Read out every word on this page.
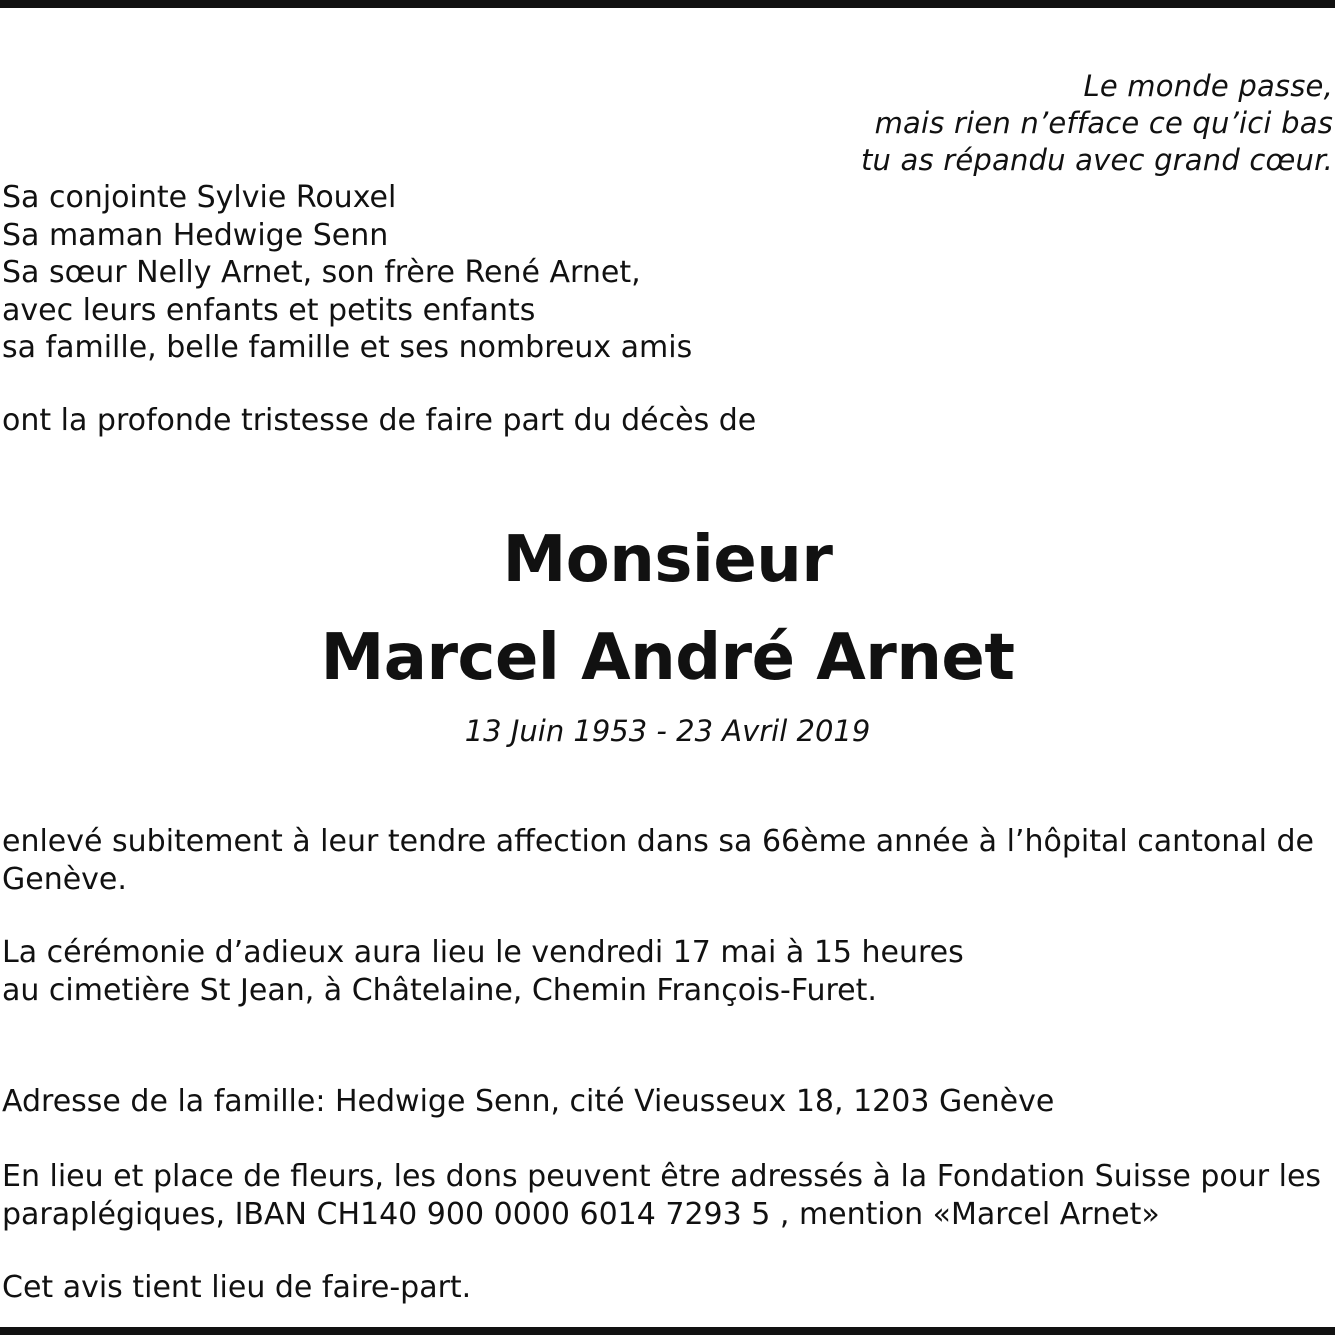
Le monde passe,
mais rien n’efface ce qu’ici bas
tu as répandu avec grand cœur.
Sa conjointe Sylvie Rouxel
Sa maman Hedwige Senn
Sa sœur Nelly Arnet, son frère René Arnet,
avec leurs enfants et petits enfants
sa famille, belle famille et ses nombreux amis
ont la profonde tristesse de faire part du décès de
Monsieur
Marcel André Arnet
13 Juin 1953 - 23 Avril 2019
enlevé subitement à leur tendre affection dans sa 66ème année à l’hôpital cantonal de
Genève.
La cérémonie d’adieux aura lieu le vendredi 17 mai à 15 heures
au cimetière St Jean, à Châtelaine, Chemin François-Furet.
Adresse de la famille: Hedwige Senn, cité Vieusseux 18, 1203 Genève
En lieu et place de fleurs, les dons peuvent être adressés à la Fondation Suisse pour les
paraplégiques, IBAN CH140 900 0000 6014 7293 5 , mention «Marcel Arnet»
Cet avis tient lieu de faire-part.
